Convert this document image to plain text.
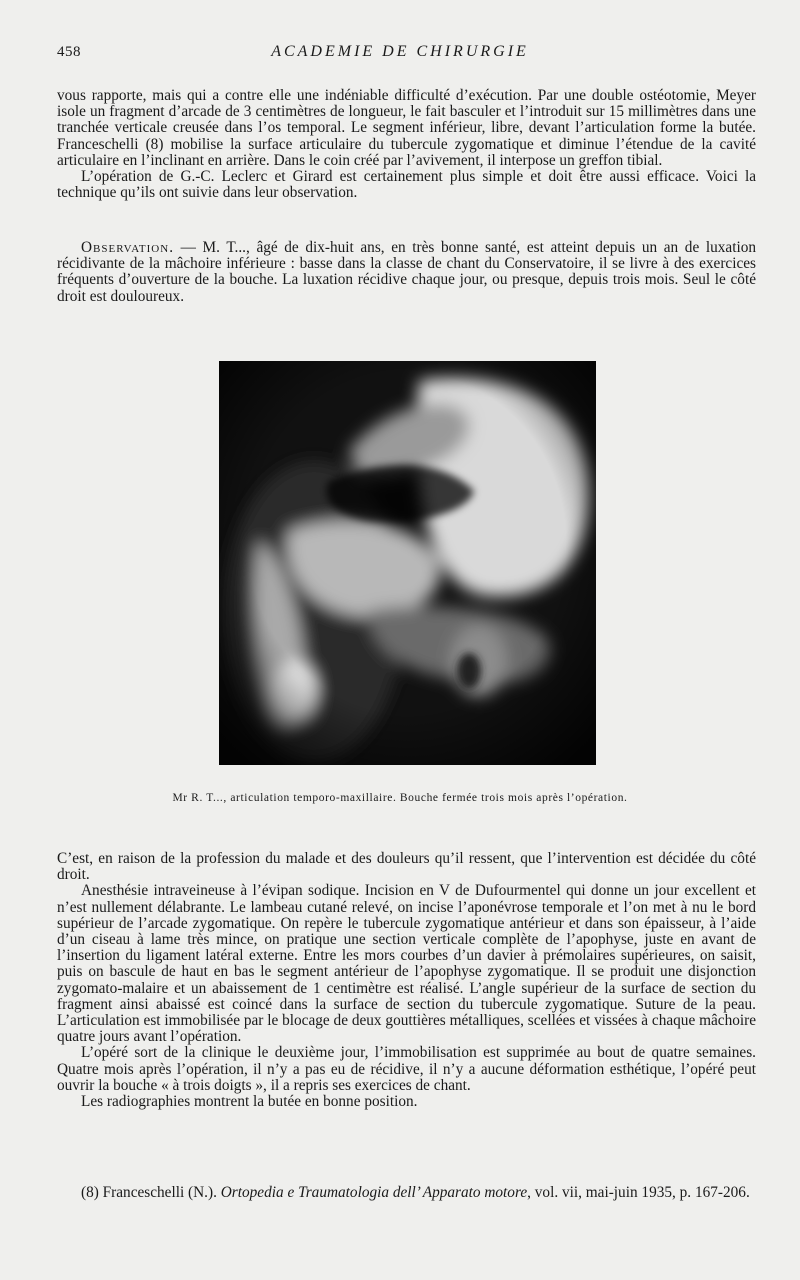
458	ACADEMIE DE CHIRURGIE

vous rapporte, mais qui a contre elle une indéniable difficulté d’exécution. Par une double ostéotomie, Meyer isole un fragment d’arcade de 3 centimètres de longueur, le fait basculer et l’introduit sur 15 millimètres dans une tranchée verticale creusée dans l’os temporal. Le segment inférieur, libre, devant l’articulation forme la butée. Franceschelli (8) mobilise la surface articulaire du tubercule zygomatique et diminue l’étendue de la cavité articulaire en l’inclinant en arrière. Dans le coin créé par l’avivement, il interpose un greffon tibial.

L’opération de G.-C. Leclerc et Girard est certainement plus simple et doit être aussi efficace. Voici la technique qu’ils ont suivie dans leur observation.

Observation. — M. T..., âgé de dix-huit ans, en très bonne santé, est atteint depuis un an de luxation récidivante de la mâchoire inférieure : basse dans la classe de chant du Conservatoire, il se livre à des exercices fréquents d’ouverture de la bouche. La luxation récidive chaque jour, ou presque, depuis trois mois. Seul le côté droit est douloureux.

Mr R. T..., articulation temporo-maxillaire. Bouche fermée trois mois après l’opération.

C’est, en raison de la profession du malade et des douleurs qu’il ressent, que l’intervention est décidée du côté droit.

Anesthésie intraveineuse à l’évipan sodique. Incision en V de Dufourmentel qui donne un jour excellent et n’est nullement délabrante. Le lambeau cutané relevé, on incise l’aponévrose temporale et l’on met à nu le bord supérieur de l’arcade zygomatique. On repère le tubercule zygomatique antérieur et dans son épaisseur, à l’aide d’un ciseau à lame très mince, on pratique une section verticale complète de l’apophyse, juste en avant de l’insertion du ligament latéral externe. Entre les mors courbes d’un davier à prémolaires supérieures, on saisit, puis on bascule de haut en bas le segment antérieur de l’apophyse zygomatique. Il se produit une disjonction zygomato-malaire et un abaissement de 1 centimètre est réalisé. L’angle supérieur de la surface de section du fragment ainsi abaissé est coincé dans la surface de section du tubercule zygomatique. Suture de la peau. L’articulation est immobilisée par le blocage de deux gouttières métalliques, scellées et vissées à chaque mâchoire quatre jours avant l’opération.

L’opéré sort de la clinique le deuxième jour, l’immobilisation est supprimée au bout de quatre semaines. Quatre mois après l’opération, il n’y a pas eu de récidive, il n’y a aucune déformation esthétique, l’opéré peut ouvrir la bouche « à trois doigts », il a repris ses exercices de chant.

Les radiographies montrent la butée en bonne position.

(8) Franceschelli (N.). Ortopedia e Traumatologia dell’ Apparato motore, vol. vii, mai-juin 1935, p. 167-206.
